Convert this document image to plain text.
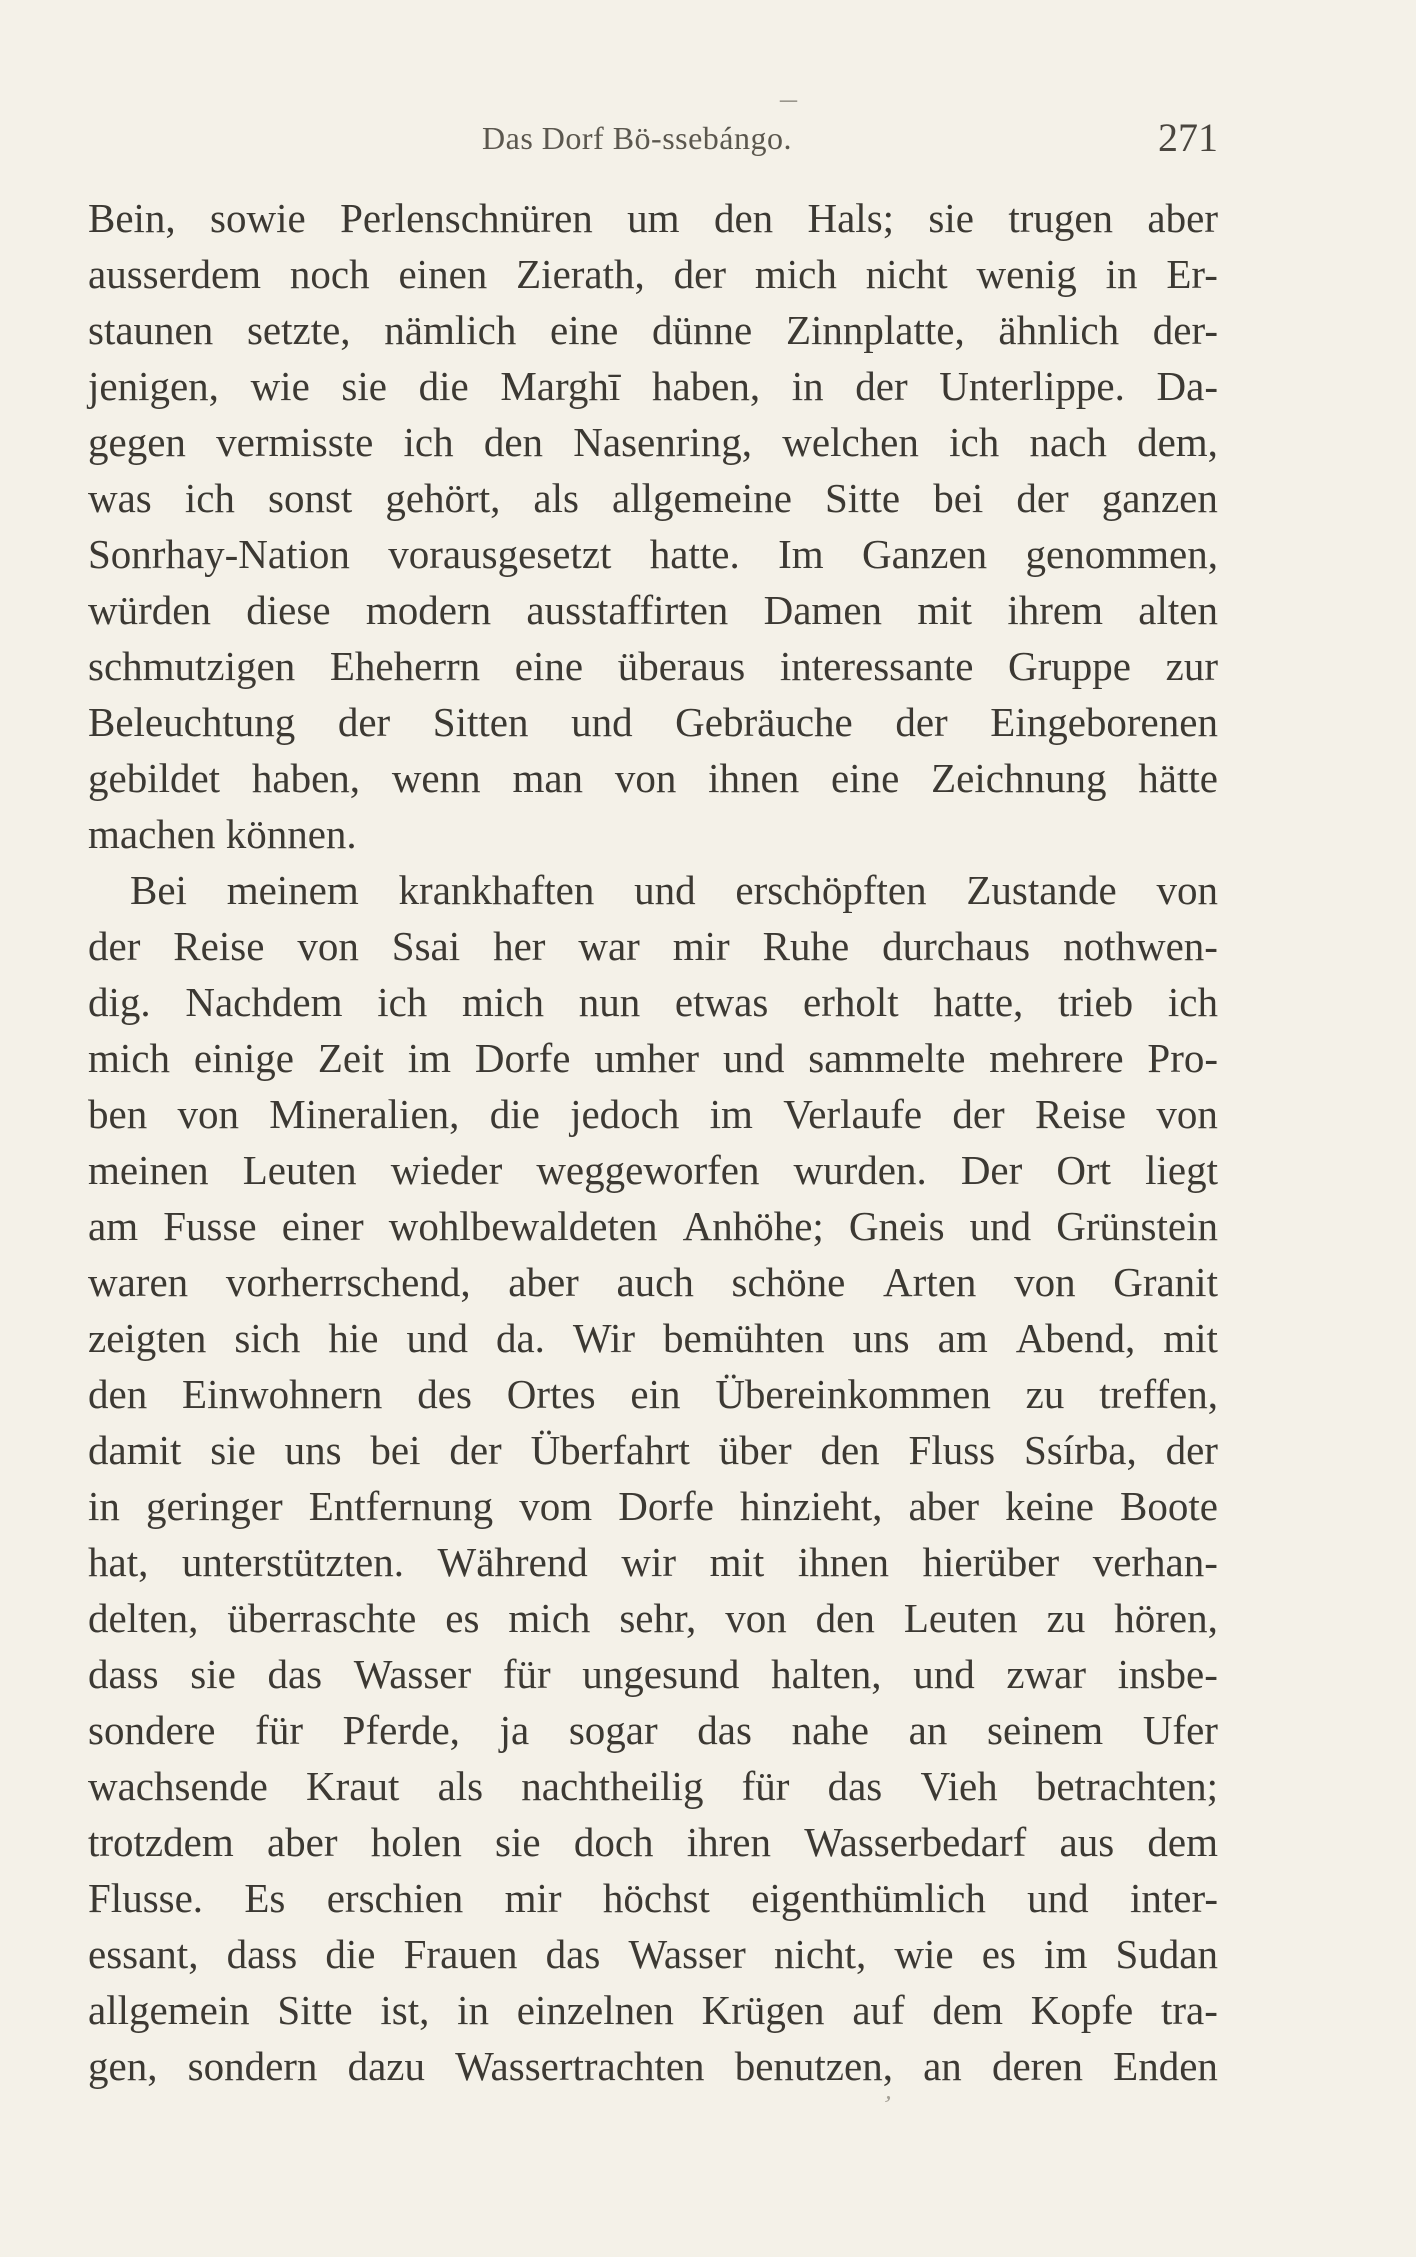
–
Das Dorf Bö-ssebángo.	271
Bein, sowie Perlenschnüren um den Hals; sie trugen aber
ausserdem noch einen Zierath, der mich nicht wenig in Er-
staunen setzte, nämlich eine dünne Zinnplatte, ähnlich der-
jenigen, wie sie die Marghī haben, in der Unterlippe. Da-
gegen vermisste ich den Nasenring, welchen ich nach dem,
was ich sonst gehört, als allgemeine Sitte bei der ganzen
Sonrhay-Nation vorausgesetzt hatte. Im Ganzen genommen,
würden diese modern ausstaffirten Damen mit ihrem alten
schmutzigen Eheherrn eine überaus interessante Gruppe zur
Beleuchtung der Sitten und Gebräuche der Eingeborenen
gebildet haben, wenn man von ihnen eine Zeichnung hätte
machen können.
Bei meinem krankhaften und erschöpften Zustande von
der Reise von Ssai her war mir Ruhe durchaus nothwen-
dig. Nachdem ich mich nun etwas erholt hatte, trieb ich
mich einige Zeit im Dorfe umher und sammelte mehrere Pro-
ben von Mineralien, die jedoch im Verlaufe der Reise von
meinen Leuten wieder weggeworfen wurden. Der Ort liegt
am Fusse einer wohlbewaldeten Anhöhe; Gneis und Grünstein
waren vorherrschend, aber auch schöne Arten von Granit
zeigten sich hie und da. Wir bemühten uns am Abend, mit
den Einwohnern des Ortes ein Übereinkommen zu treffen,
damit sie uns bei der Überfahrt über den Fluss Ssírba, der
in geringer Entfernung vom Dorfe hinzieht, aber keine Boote
hat, unterstützten. Während wir mit ihnen hierüber verhan-
delten, überraschte es mich sehr, von den Leuten zu hören,
dass sie das Wasser für ungesund halten, und zwar insbe-
sondere für Pferde, ja sogar das nahe an seinem Ufer
wachsende Kraut als nachtheilig für das Vieh betrachten;
trotzdem aber holen sie doch ihren Wasserbedarf aus dem
Flusse. Es erschien mir höchst eigenthümlich und inter-
essant, dass die Frauen das Wasser nicht, wie es im Sudan
allgemein Sitte ist, in einzelnen Krügen auf dem Kopfe tra-
gen, sondern dazu Wassertrachten benutzen, an deren Enden
ʼ
